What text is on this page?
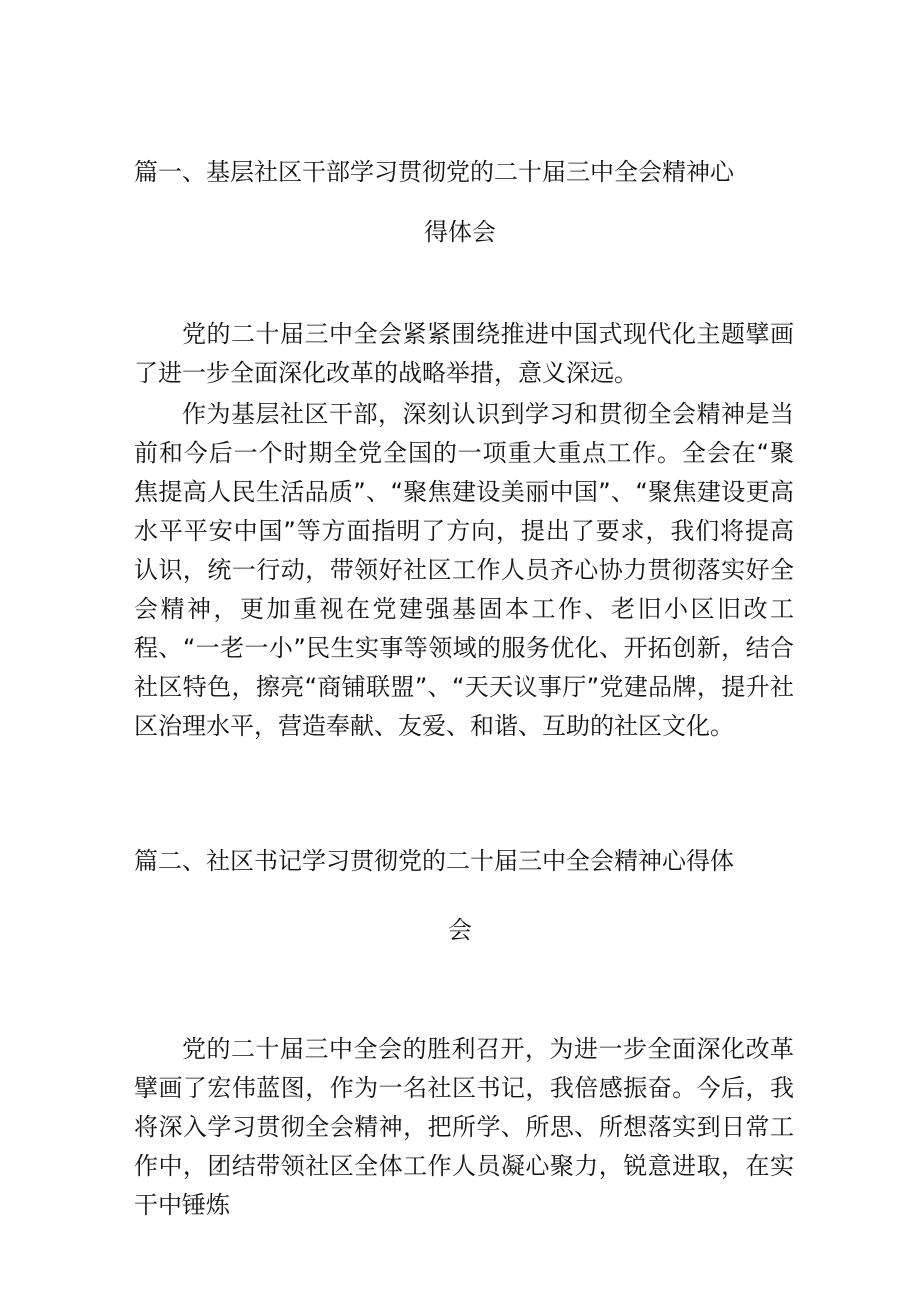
篇一、基层社区干部学习贯彻党的二十届三中全会精神心
得体会

党的二十届三中全会紧紧围绕推进中国式现代化主题擘画了进一步全面深化改革的战略举措，意义深远。

作为基层社区干部，深刻认识到学习和贯彻全会精神是当前和今后一个时期全党全国的一项重大重点工作。全会在“聚焦提高人民生活品质”、“聚焦建设美丽中国”、“聚焦建设更高水平平安中国”等方面指明了方向，提出了要求，我们将提高认识，统一行动，带领好社区工作人员齐心协力贯彻落实好全会精神，更加重视在党建强基固本工作、老旧小区旧改工程、“一老一小”民生实事等领域的服务优化、开拓创新，结合社区特色，擦亮“商铺联盟”、“天天议事厅”党建品牌，提升社区治理水平，营造奉献、友爱、和谐、互助的社区文化。

篇二、社区书记学习贯彻党的二十届三中全会精神心得体
会

党的二十届三中全会的胜利召开，为进一步全面深化改革擘画了宏伟蓝图，作为一名社区书记，我倍感振奋。今后，我将深入学习贯彻全会精神，把所学、所思、所想落实到日常工作中，团结带领社区全体工作人员凝心聚力，锐意进取，在实干中锤炼
